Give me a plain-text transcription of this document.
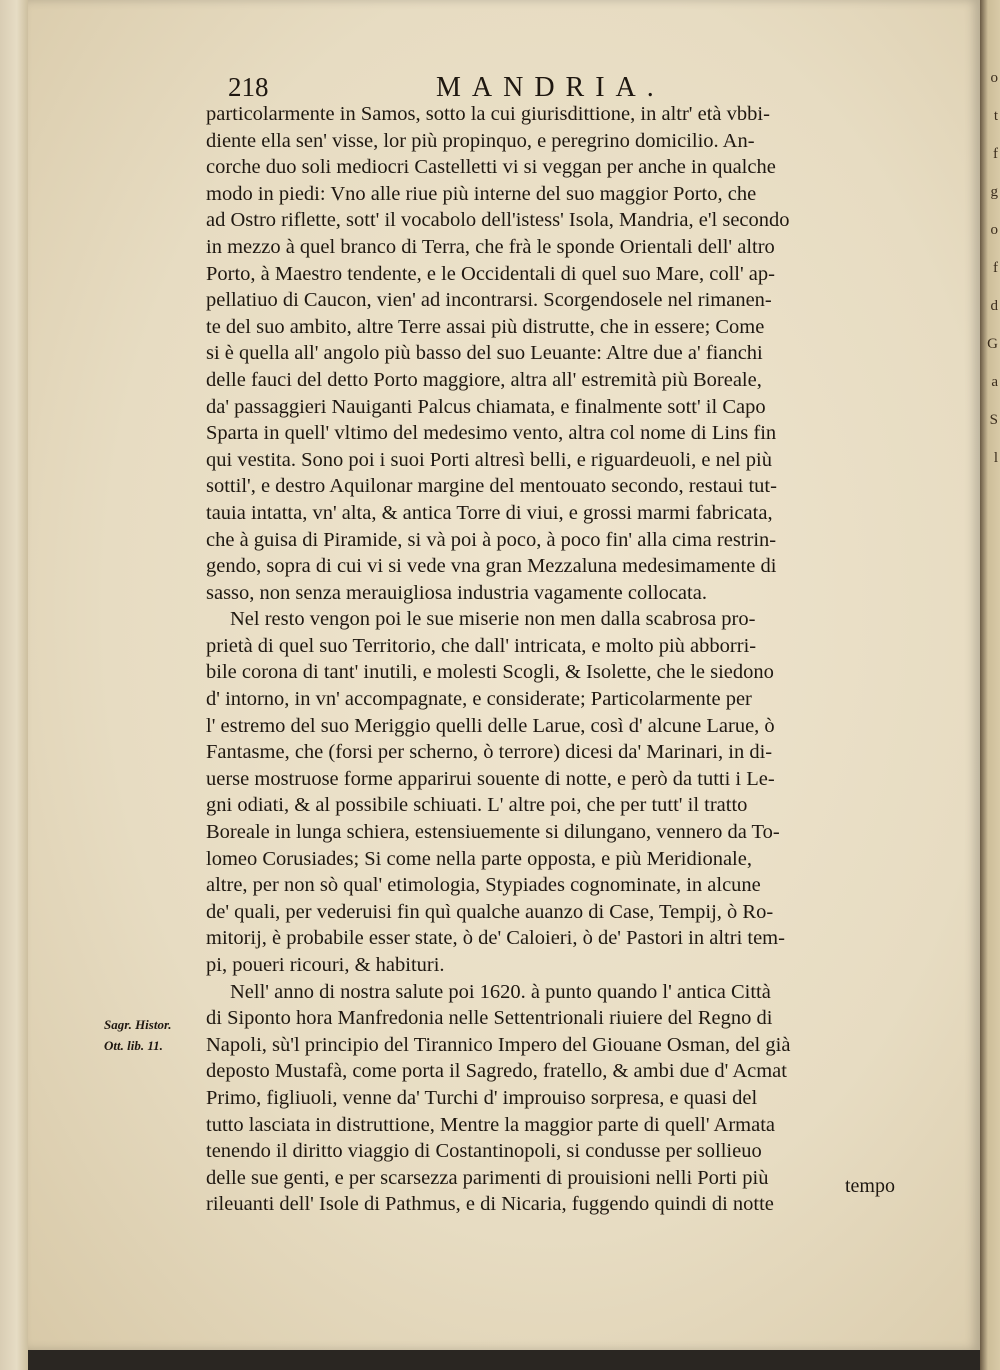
o
t
f
g
o
f
d
G
a
S
l
218	MANDRIA.
Sagr. Histor.
Ott. lib. 11.
particolarmente in Samos, sotto la cui giurisdittione, in altr' età vbbi-
diente ella sen' visse, lor più propinquo, e peregrino domicilio. An-
corche duo soli mediocri Castelletti vi si veggan per anche in qualche
modo in piedi: Vno alle riue più interne del suo maggior Porto, che
ad Ostro riflette, sott' il vocabolo dell'istess' Isola, Mandria, e'l secondo
in mezzo à quel branco di Terra, che frà le sponde Orientali dell' altro
Porto, à Maestro tendente, e le Occidentali di quel suo Mare, coll' ap-
pellatiuo di Caucon, vien' ad incontrarsi. Scorgendosele nel rimanen-
te del suo ambito, altre Terre assai più distrutte, che in essere; Come
si è quella all' angolo più basso del suo Leuante: Altre due a' fianchi
delle fauci del detto Porto maggiore, altra all' estremità più Boreale,
da' passaggieri Nauiganti Palcus chiamata, e finalmente sott' il Capo
Sparta in quell' vltimo del medesimo vento, altra col nome di Lins fin
qui vestita. Sono poi i suoi Porti altresì belli, e riguardeuoli, e nel più
sottil', e destro Aquilonar margine del mentouato secondo, restaui tut-
tauia intatta, vn' alta, & antica Torre di viui, e grossi marmi fabricata,
che à guisa di Piramide, si và poi à poco, à poco fin' alla cima restrin-
gendo, sopra di cui vi si vede vna gran Mezzaluna medesimamente di
sasso, non senza merauigliosa industria vagamente collocata.
Nel resto vengon poi le sue miserie non men dalla scabrosa pro-
prietà di quel suo Territorio, che dall' intricata, e molto più abborri-
bile corona di tant' inutili, e molesti Scogli, & Isolette, che le siedono
d' intorno, in vn' accompagnate, e considerate; Particolarmente per
l' estremo del suo Meriggio quelli delle Larue, così d' alcune Larue, ò
Fantasme, che (forsi per scherno, ò terrore) dicesi da' Marinari, in di-
uerse mostruose forme apparirui souente di notte, e però da tutti i Le-
gni odiati, & al possibile schiuati. L' altre poi, che per tutt' il tratto
Boreale in lunga schiera, estensiuemente si dilungano, vennero da To-
lomeo Corusiades; Si come nella parte opposta, e più Meridionale,
altre, per non sò qual' etimologia, Stypiades cognominate, in alcune
de' quali, per vederuisi fin quì qualche auanzo di Case, Tempij, ò Ro-
mitorij, è probabile esser state, ò de' Caloieri, ò de' Pastori in altri tem-
pi, poueri ricouri, & habituri.
Nell' anno di nostra salute poi 1620. à punto quando l' antica Città
di Siponto hora Manfredonia nelle Settentrionali riuiere del Regno di
Napoli, sù'l principio del Tirannico Impero del Giouane Osman, del già
deposto Mustafà, come porta il Sagredo, fratello, & ambi due d' Acmat
Primo, figliuoli, venne da' Turchi d' improuiso sorpresa, e quasi del
tutto lasciata in distruttione, Mentre la maggior parte di quell' Armata
tenendo il diritto viaggio di Costantinopoli, si condusse per sollieuo
delle sue genti, e per scarsezza parimenti di prouisioni nelli Porti più
rileuanti dell' Isole di Pathmus, e di Nicaria, fuggendo quindi di notte
tempo
